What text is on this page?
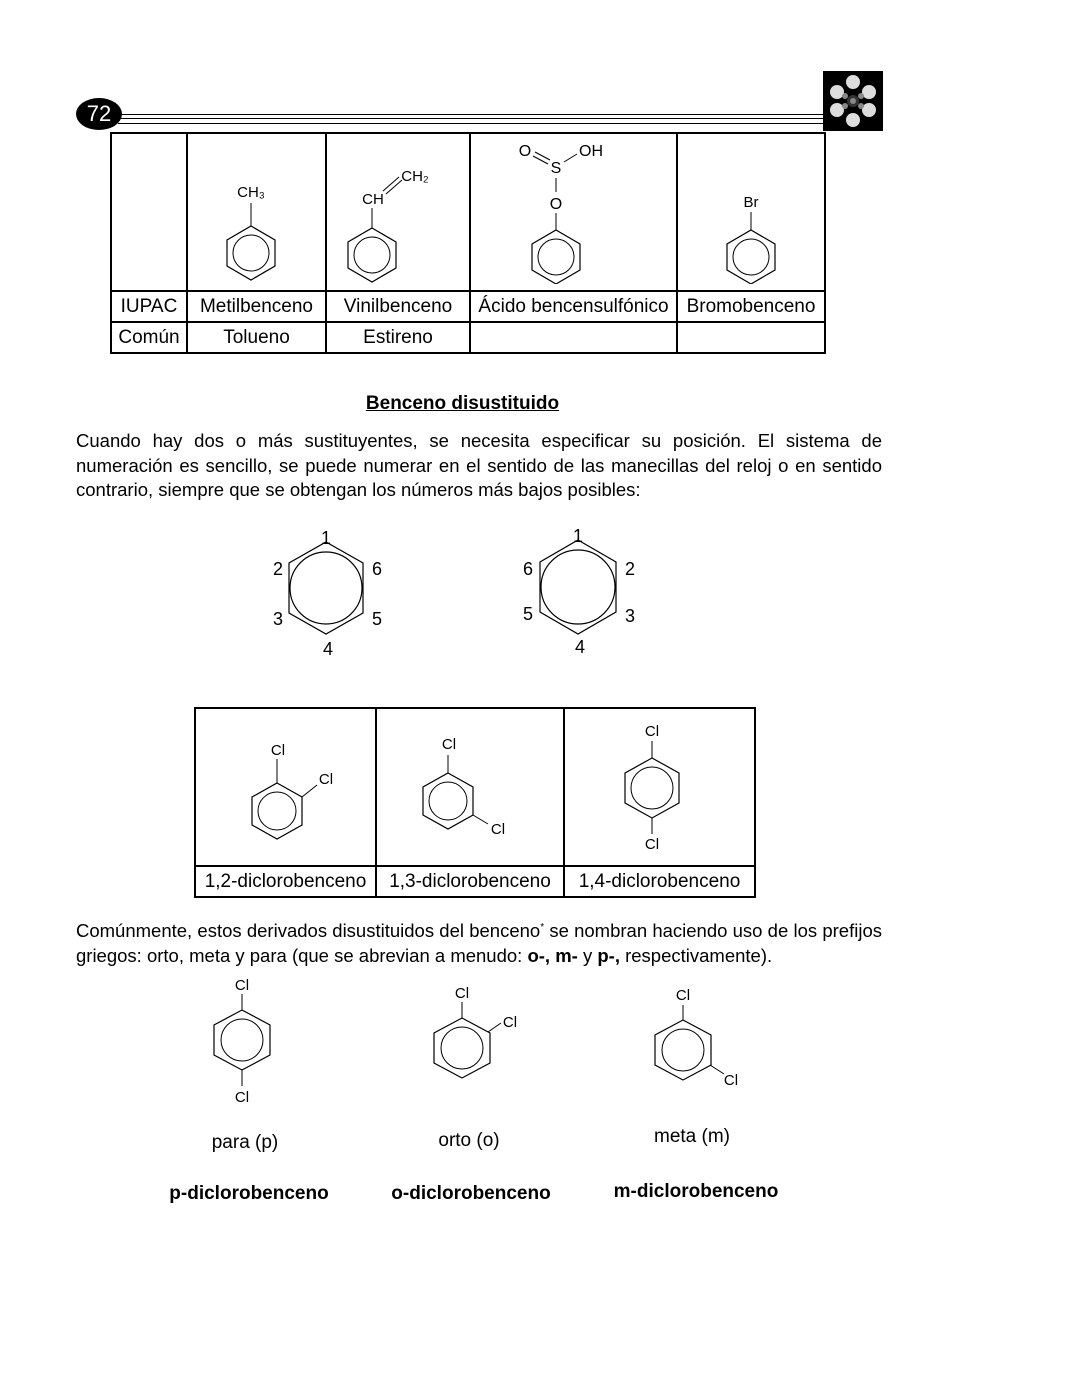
72

CH₃	CH₂
CH	O OH
S
O	Br

IUPAC	Metilbenceno	Vinilbenceno	Ácido bencensulfónico	Bromobenceno
Común	Tolueno	Estireno		
Benceno disustituido
Cuando hay dos o más sustituyentes, se necesita especificar su posición. El sistema de numeración es sencillo, se puede numerar en el sentido de las manecillas del reloj o en sentido contrario, siempre que se obtengan los números más bajos posibles:
1
2
3
4
5
6
1
2
3
4
5
6
Cl
Cl	Cl
Cl	Cl
Cl

1,2-diclorobenceno	1,3-diclorobenceno	1,4-diclorobenceno
Comúnmente, estos derivados disustituidos del benceno* se nombran haciendo uso de los prefijos griegos: orto, meta y para (que se abrevian a menudo: o-, m- y p-, respectivamente).
Cl
Cl
Cl
Cl
Cl
Cl
para (p)	orto (o)	meta (m)
p-diclorobenceno	o-diclorobenceno	m-diclorobenceno
